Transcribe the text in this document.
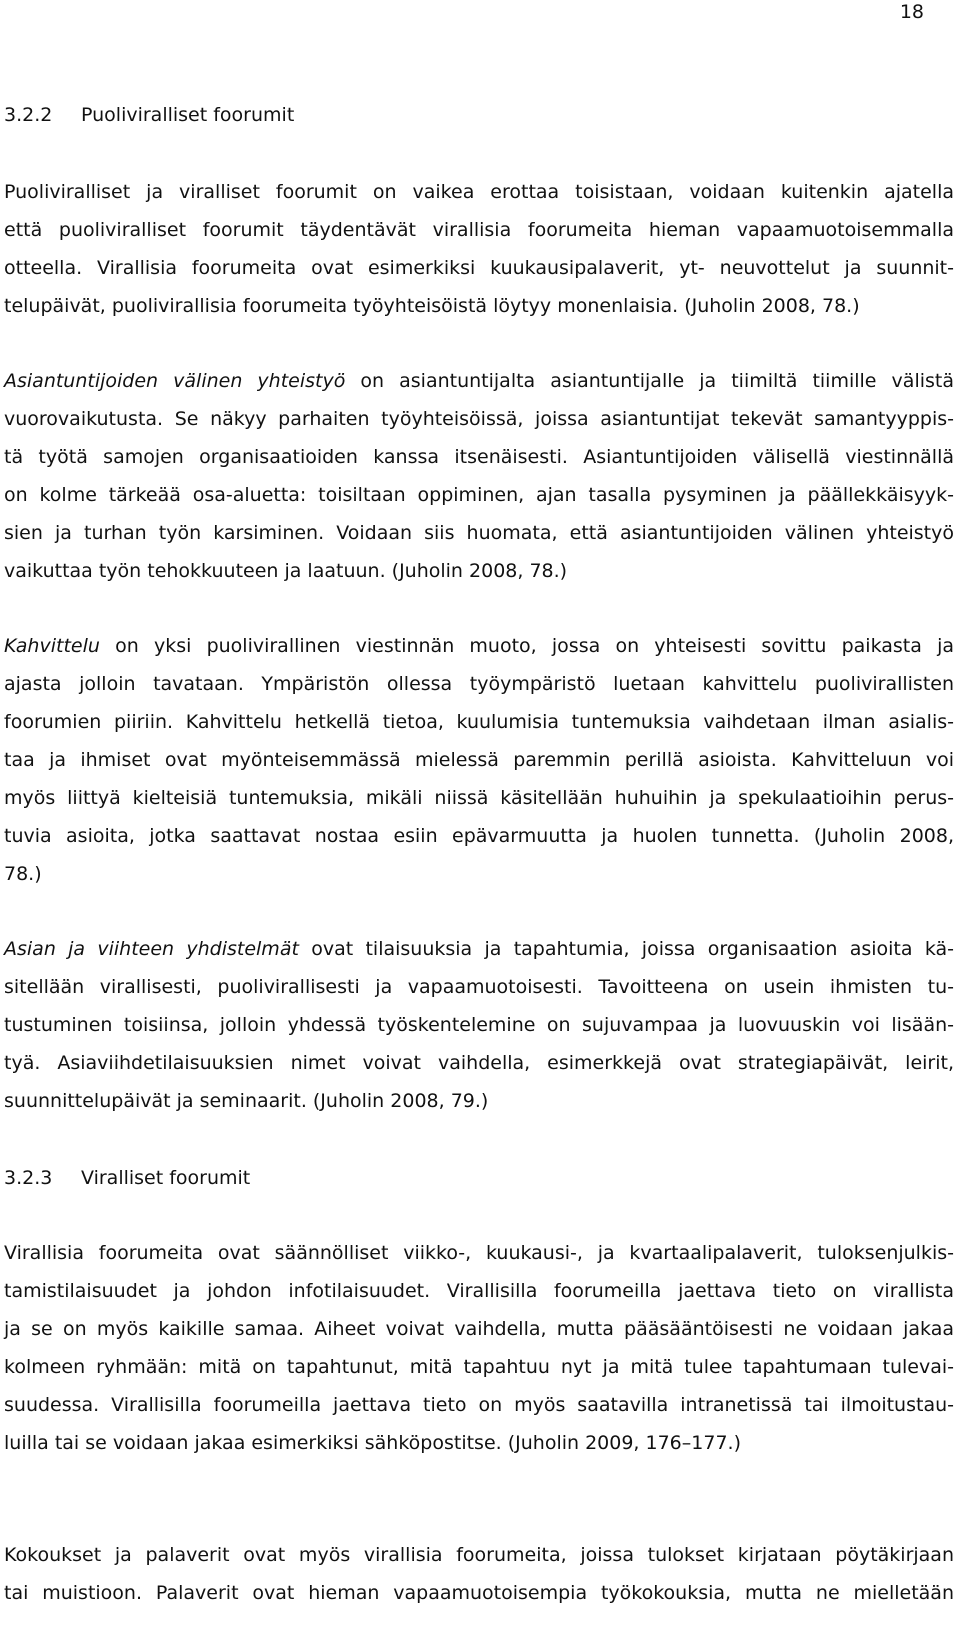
18
3.2.2 Puoliviralliset foorumit
Puoliviralliset ja viralliset foorumit on vaikea erottaa toisistaan, voidaan kuitenkin ajatella
että puoliviralliset foorumit täydentävät virallisia foorumeita hieman vapaamuotoisemmalla
otteella. Virallisia foorumeita ovat esimerkiksi kuukausipalaverit, yt- neuvottelut ja suunnit-
telupäivät, puolivirallisia foorumeita työyhteisöistä löytyy monenlaisia. (Juholin 2008, 78.)
Asiantuntijoiden välinen yhteistyö on asiantuntijalta asiantuntijalle ja tiimiltä tiimille välistä
vuorovaikutusta. Se näkyy parhaiten työyhteisöissä, joissa asiantuntijat tekevät samantyyppis-
tä työtä samojen organisaatioiden kanssa itsenäisesti. Asiantuntijoiden välisellä viestinnällä
on kolme tärkeää osa-aluetta: toisiltaan oppiminen, ajan tasalla pysyminen ja päällekkäisyyk-
sien ja turhan työn karsiminen. Voidaan siis huomata, että asiantuntijoiden välinen yhteistyö
vaikuttaa työn tehokkuuteen ja laatuun. (Juholin 2008, 78.)
Kahvittelu on yksi puolivirallinen viestinnän muoto, jossa on yhteisesti sovittu paikasta ja
ajasta jolloin tavataan. Ympäristön ollessa työympäristö luetaan kahvittelu puolivirallisten
foorumien piiriin. Kahvittelu hetkellä tietoa, kuulumisia tuntemuksia vaihdetaan ilman asialis-
taa ja ihmiset ovat myönteisemmässä mielessä paremmin perillä asioista. Kahvitteluun voi
myös liittyä kielteisiä tuntemuksia, mikäli niissä käsitellään huhuihin ja spekulaatioihin perus-
tuvia asioita, jotka saattavat nostaa esiin epävarmuutta ja huolen tunnetta. (Juholin 2008,
78.)
Asian ja viihteen yhdistelmät ovat tilaisuuksia ja tapahtumia, joissa organisaation asioita kä-
sitellään virallisesti, puolivirallisesti ja vapaamuotoisesti. Tavoitteena on usein ihmisten tu-
tustuminen toisiinsa, jolloin yhdessä työskentelemine on sujuvampaa ja luovuuskin voi lisään-
tyä. Asiaviihdetilaisuuksien nimet voivat vaihdella, esimerkkejä ovat strategiapäivät, leirit,
suunnittelupäivät ja seminaarit. (Juholin 2008, 79.)
3.2.3 Viralliset foorumit
Virallisia foorumeita ovat säännölliset viikko-, kuukausi-, ja kvartaalipalaverit, tuloksenjulkis-
tamistilaisuudet ja johdon infotilaisuudet. Virallisilla foorumeilla jaettava tieto on virallista
ja se on myös kaikille samaa. Aiheet voivat vaihdella, mutta pääsääntöisesti ne voidaan jakaa
kolmeen ryhmään: mitä on tapahtunut, mitä tapahtuu nyt ja mitä tulee tapahtumaan tulevai-
suudessa. Virallisilla foorumeilla jaettava tieto on myös saatavilla intranetissä tai ilmoitustau-
luilla tai se voidaan jakaa esimerkiksi sähköpostitse. (Juholin 2009, 176–177.)
Kokoukset ja palaverit ovat myös virallisia foorumeita, joissa tulokset kirjataan pöytäkirjaan
tai muistioon. Palaverit ovat hieman vapaamuotoisempia työkokouksia, mutta ne mielletään
